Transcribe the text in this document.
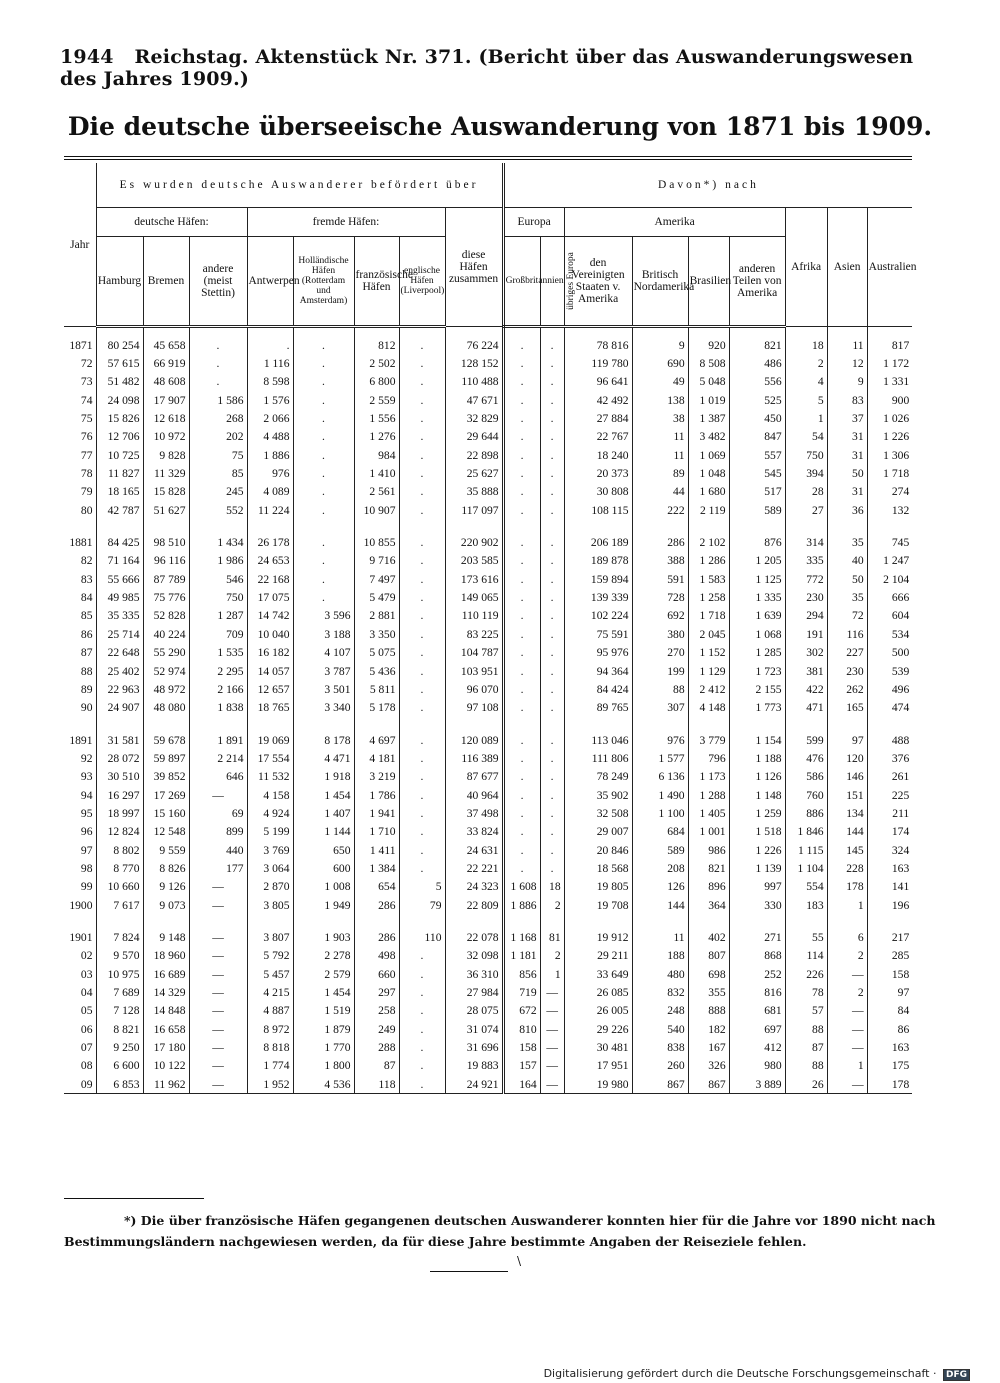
1944 Reichstag. Aktenstück Nr. 371. (Bericht über das Auswanderungswesen des Jahres 1909.)
Die deutsche überseeische Auswanderung von 1871 bis 1909.
Jahr	Es wurden deutsche Auswanderer befördert über								Davon*) nach								
	deutsche Häfen:			fremde Häfen:				diese Häfen zusammen	Europa		Amerika				Afrika	Asien	Australien
	Hamburg	Bremen	andere (meist Stettin)	Antwerpen	Holländische Häfen (Rotterdam und Amsterdam)	französische Häfen	englische Häfen (Liverpool)		Großbritannien	übriges Europa	den Vereinigten Staaten v. Amerika	Britisch Nordamerika	Brasilien	anderen Teilen von Amerika			

1871	80 254	45 658	.	.	.	812	.	76 224	.	.	78 816	9	920	821	18	11	817
72	57 615	66 919	.	1 116	.	2 502	.	128 152	.	.	119 780	690	8 508	486	2	12	1 172
73	51 482	48 608	.	8 598	.	6 800	.	110 488	.	.	96 641	49	5 048	556	4	9	1 331
74	24 098	17 907	1 586	1 576	.	2 559	.	47 671	.	.	42 492	138	1 019	525	5	83	900
75	15 826	12 618	268	2 066	.	1 556	.	32 829	.	.	27 884	38	1 387	450	1	37	1 026
76	12 706	10 972	202	4 488	.	1 276	.	29 644	.	.	22 767	11	3 482	847	54	31	1 226
77	10 725	9 828	75	1 886	.	984	.	22 898	.	.	18 240	11	1 069	557	750	31	1 306
78	11 827	11 329	85	976	.	1 410	.	25 627	.	.	20 373	89	1 048	545	394	50	1 718
79	18 165	15 828	245	4 089	.	2 561	.	35 888	.	.	30 808	44	1 680	517	28	31	274
80	42 787	51 627	552	11 224	.	10 907	.	117 097	.	.	108 115	222	2 119	589	27	36	132

1881	84 425	98 510	1 434	26 178	.	10 855	.	220 902	.	.	206 189	286	2 102	876	314	35	745
82	71 164	96 116	1 986	24 653	.	9 716	.	203 585	.	.	189 878	388	1 286	1 205	335	40	1 247
83	55 666	87 789	546	22 168	.	7 497	.	173 616	.	.	159 894	591	1 583	1 125	772	50	2 104
84	49 985	75 776	750	17 075	.	5 479	.	149 065	.	.	139 339	728	1 258	1 335	230	35	666
85	35 335	52 828	1 287	14 742	3 596	2 881	.	110 119	.	.	102 224	692	1 718	1 639	294	72	604
86	25 714	40 224	709	10 040	3 188	3 350	.	83 225	.	.	75 591	380	2 045	1 068	191	116	534
87	22 648	55 290	1 535	16 182	4 107	5 075	.	104 787	.	.	95 976	270	1 152	1 285	302	227	500
88	25 402	52 974	2 295	14 057	3 787	5 436	.	103 951	.	.	94 364	199	1 129	1 723	381	230	539
89	22 963	48 972	2 166	12 657	3 501	5 811	.	96 070	.	.	84 424	88	2 412	2 155	422	262	496
90	24 907	48 080	1 838	18 765	3 340	5 178	.	97 108	.	.	89 765	307	4 148	1 773	471	165	474

1891	31 581	59 678	1 891	19 069	8 178	4 697	.	120 089	.	.	113 046	976	3 779	1 154	599	97	488
92	28 072	59 897	2 214	17 554	4 471	4 181	.	116 389	.	.	111 806	1 577	796	1 188	476	120	376
93	30 510	39 852	646	11 532	1 918	3 219	.	87 677	.	.	78 249	6 136	1 173	1 126	586	146	261
94	16 297	17 269	—	4 158	1 454	1 786	.	40 964	.	.	35 902	1 490	1 288	1 148	760	151	225
95	18 997	15 160	69	4 924	1 407	1 941	.	37 498	.	.	32 508	1 100	1 405	1 259	886	134	211
96	12 824	12 548	899	5 199	1 144	1 710	.	33 824	.	.	29 007	684	1 001	1 518	1 846	144	174
97	8 802	9 559	440	3 769	650	1 411	.	24 631	.	.	20 846	589	986	1 226	1 115	145	324
98	8 770	8 826	177	3 064	600	1 384	.	22 221	.	.	18 568	208	821	1 139	1 104	228	163
99	10 660	9 126	—	2 870	1 008	654	5	24 323	1 608	18	19 805	126	896	997	554	178	141
1900	7 617	9 073	—	3 805	1 949	286	79	22 809	1 886	2	19 708	144	364	330	183	1	196

1901	7 824	9 148	—	3 807	1 903	286	110	22 078	1 168	81	19 912	11	402	271	55	6	217
02	9 570	18 960	—	5 792	2 278	498	.	32 098	1 181	2	29 211	188	807	868	114	2	285
03	10 975	16 689	—	5 457	2 579	660	.	36 310	856	1	33 649	480	698	252	226	—	158
04	7 689	14 329	—	4 215	1 454	297	.	27 984	719	—	26 085	832	355	816	78	2	97
05	7 128	14 848	—	4 887	1 519	258	.	28 075	672	—	26 005	248	888	681	57	—	84
06	8 821	16 658	—	8 972	1 879	249	.	31 074	810	—	29 226	540	182	697	88	—	86
07	9 250	17 180	—	8 818	1 770	288	.	31 696	158	—	30 481	838	167	412	87	—	163
08	6 600	10 122	—	1 774	1 800	87	.	19 883	157	—	17 951	260	326	980	88	1	175
09	6 853	11 962	—	1 952	4 536	118	.	24 921	164	—	19 980	867	867	3 889	26	—	178
*) Die über französische Häfen gegangenen deutschen Auswanderer konnten hier für die Jahre vor 1890 nicht nach Bestimmungsländern nachgewiesen werden, da für diese Jahre bestimmte Angaben der Reiseziele fehlen.
\
Digitalisierung gefördert durch die Deutsche Forschungsgemeinschaft · DFG
